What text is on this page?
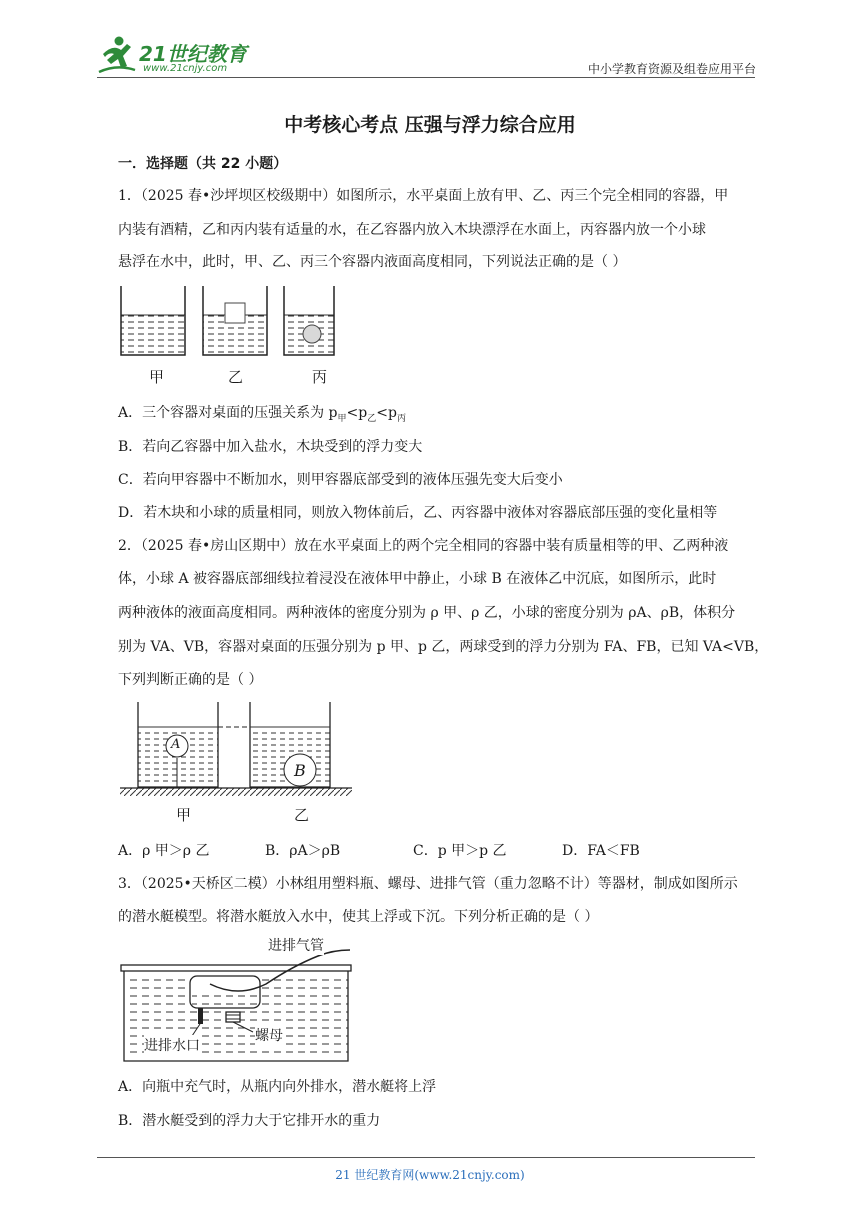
21世纪教育
www.21cnjy.com	中小学教育资源及组卷应用平台
中考核心考点 压强与浮力综合应用
一．选择题（共 22 小题）
1．（2025 春•沙坪坝区校级期中）如图所示，水平桌面上放有甲、乙、丙三个完全相同的容器，甲
内装有酒精，乙和丙内装有适量的水，在乙容器内放入木块漂浮在水面上，丙容器内放一个小球
悬浮在水中，此时，甲、乙、丙三个容器内液面高度相同，下列说法正确的是（ ）
甲	乙	丙
A．三个容器对桌面的压强关系为 $p_甲<p_乙<p_丙$
B．若向乙容器中加入盐水，木块受到的浮力变大
C．若向甲容器中不断加水，则甲容器底部受到的液体压强先变大后变小
D．若木块和小球的质量相同，则放入物体前后，乙、丙容器中液体对容器底部压强的变化量相等
2．（2025 春•房山区期中）放在水平桌面上的两个完全相同的容器中装有质量相等的甲、乙两种液
体，小球 A 被容器底部细线拉着浸没在液体甲中静止，小球 B 在液体乙中沉底，如图所示，此时
两种液体的液面高度相同。两种液体的密度分别为 ρ 甲、ρ 乙，小球的密度分别为 ρA、ρB，体积分
别为 VA、VB，容器对桌面的压强分别为 p 甲、p 乙，两球受到的浮力分别为 FA、FB，已知 VA<VB，
下列判断正确的是（ ）
A
B
甲	乙
A．ρ 甲＞ρ 乙	B．ρA＞ρB	C．p 甲＞p 乙	D．FA＜FB
3．（2025•天桥区二模）小林组用塑料瓶、螺母、进排气管（重力忽略不计）等器材，制成如图所示
的潜水艇模型。将潜水艇放入水中，使其上浮或下沉。下列分析正确的是（ ）
进排气管
螺母
进排水口
A．向瓶中充气时，从瓶内向外排水，潜水艇将上浮
B．潜水艇受到的浮力大于它排开水的重力
21 世纪教育网(www.21cnjy.com)
